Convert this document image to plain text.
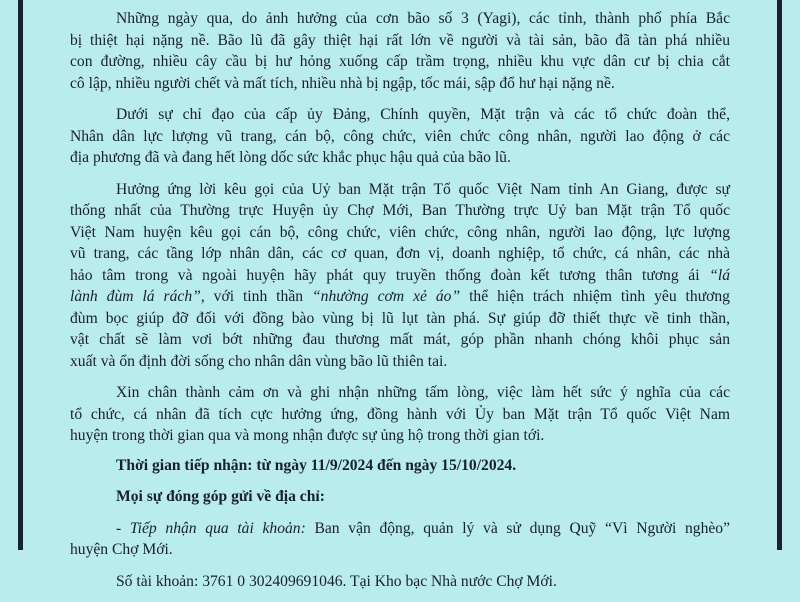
Những ngày qua, do ảnh hưởng của cơn bão số 3 (Yagi), các tỉnh, thành phố phía Bắc
bị thiệt hại nặng nề. Bão lũ đã gây thiệt hại rất lớn về người và tài sản, bão đã tàn phá nhiều
con đường, nhiều cây cầu bị hư hỏng xuống cấp trầm trọng, nhiều khu vực dân cư bị chia cắt
cô lập, nhiều người chết và mất tích, nhiều nhà bị ngập, tốc mái, sập đổ hư hại nặng nề.
Dưới sự chỉ đạo của cấp ủy Đảng, Chính quyền, Mặt trận và các tổ chức đoàn thể,
Nhân dân lực lượng vũ trang, cán bộ, công chức, viên chức công nhân, người lao động ở các
địa phương đã và đang hết lòng dốc sức khắc phục hậu quả của bão lũ.
Hưởng ứng lời kêu gọi của Uỷ ban Mặt trận Tổ quốc Việt Nam tỉnh An Giang, được sự
thống nhất của Thường trực Huyện ủy Chợ Mới, Ban Thường trực Uỷ ban Mặt trận Tổ quốc
Việt Nam huyện kêu gọi cán bộ, công chức, viên chức, công nhân, người lao động, lực lượng
vũ trang, các tầng lớp nhân dân, các cơ quan, đơn vị, doanh nghiệp, tổ chức, cá nhân, các nhà
hảo tâm trong và ngoài huyện hãy phát quy truyền thống đoàn kết tương thân tương ái “lá
lành đùm lá rách”, với tinh thần “nhường cơm xẻ áo” thể hiện trách nhiệm tình yêu thương
đùm bọc giúp đỡ đối với đồng bào vùng bị lũ lụt tàn phá. Sự giúp đỡ thiết thực về tinh thần,
vật chất sẽ làm vơi bớt những đau thương mất mát, góp phần nhanh chóng khôi phục sản
xuất và ổn định đời sống cho nhân dân vùng bão lũ thiên tai.
Xin chân thành cảm ơn và ghi nhận những tấm lòng, việc làm hết sức ý nghĩa của các
tổ chức, cá nhân đã tích cực hưởng ứng, đồng hành với Ủy ban Mặt trận Tổ quốc Việt Nam
huyện trong thời gian qua và mong nhận được sự ủng hộ trong thời gian tới.
Thời gian tiếp nhận: từ ngày 11/9/2024 đến ngày 15/10/2024.
Mọi sự đóng góp gửi về địa chỉ:
- Tiếp nhận qua tài khoản: Ban vận động, quản lý và sử dụng Quỹ “Vì Người nghèo”
huyện Chợ Mới.
Số tài khoản: 3761 0 302409691046. Tại Kho bạc Nhà nước Chợ Mới.
